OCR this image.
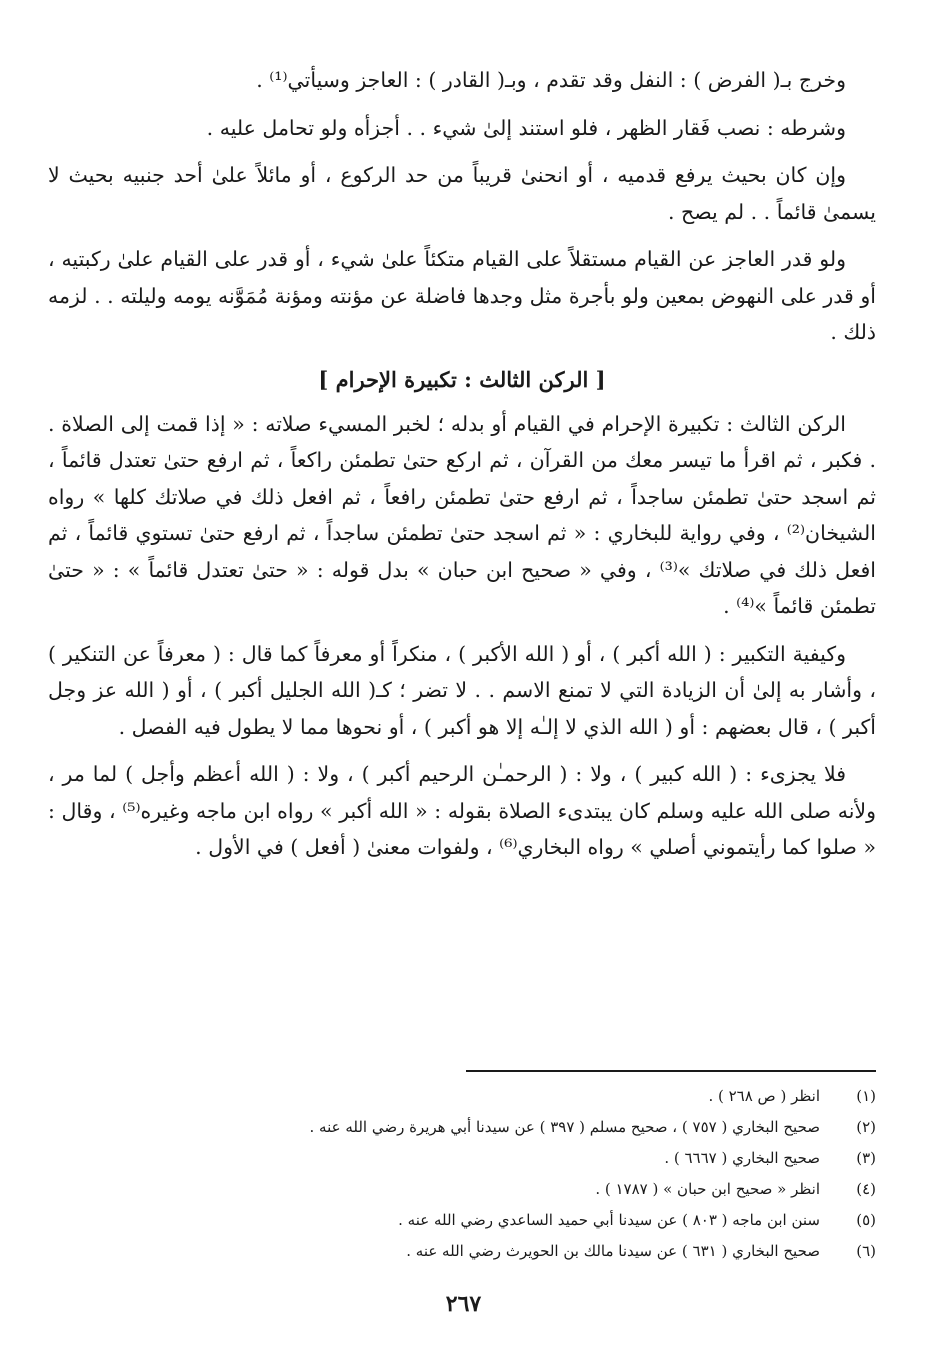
وخرج بـ( الفرض ) : النفل وقد تقدم ، وبـ( القادر ) : العاجز وسيأتي⁽¹⁾ .

وشرطه : نصب فَقار الظهر ، فلو استند إلىٰ شيء . . أجزأه ولو تحامل عليه .

وإن كان بحيث يرفع قدميه ، أو انحنىٰ قريباً من حد الركوع ، أو مائلاً علىٰ أحد جنبيه بحيث لا يسمىٰ قائماً . . لم يصح .

ولو قدر العاجز عن القيام مستقلاً على القيام متكئاً علىٰ شيء ، أو قدر على القيام علىٰ ركبتيه ، أو قدر على النهوض بمعين ولو بأجرة مثل وجدها فاضلة عن مؤنته ومؤنة مُمَوَّنه يومه وليلته . . لزمه ذلك .

[ الركن الثالث : تكبيرة الإحرام ]

الركن الثالث : تكبيرة الإحرام في القيام أو بدله ؛ لخبر المسيء صلاته : « إذا قمت إلى الصلاة . . فكبر ، ثم اقرأ ما تيسر معك من القرآن ، ثم اركع حتىٰ تطمئن راكعاً ، ثم ارفع حتىٰ تعتدل قائماً ، ثم اسجد حتىٰ تطمئن ساجداً ، ثم ارفع حتىٰ تطمئن رافعاً ، ثم افعل ذلك في صلاتك كلها » رواه الشيخان⁽²⁾ ، وفي رواية للبخاري : « ثم اسجد حتىٰ تطمئن ساجداً ، ثم ارفع حتىٰ تستوي قائماً ، ثم افعل ذلك في صلاتك »⁽³⁾ ، وفي « صحيح ابن حبان » بدل قوله : « حتىٰ تعتدل قائماً » : « حتىٰ تطمئن قائماً »⁽⁴⁾ .

وكيفية التكبير : ( الله أكبر ) ، أو ( الله الأكبر ) ، منكراً أو معرفاً كما قال : ( معرفاً عن التنكير ) ، وأشار به إلىٰ أن الزيادة التي لا تمنع الاسم . . لا تضر ؛ كـ( الله الجليل أكبر ) ، أو ( الله عز وجل أكبر ) ، قال بعضهم : أو ( الله الذي لا إلـٰه إلا هو أكبر ) ، أو نحوها مما لا يطول فيه الفصل .

فلا يجزىء : ( الله كبير ) ، ولا : ( الرحمـٰن الرحيم أكبر ) ، ولا : ( الله أعظم وأجل ) لما مر ، ولأنه صلى الله عليه وسلم كان يبتدىء الصلاة بقوله : « الله أكبر » رواه ابن ماجه وغيره⁽⁵⁾ ، وقال : « صلوا كما رأيتموني أصلي » رواه البخاري⁽⁶⁾ ، ولفوات معنىٰ ( أفعل ) في الأول .

(١)
انظر ( ص ٢٦٨ ) .
(٢)
صحيح البخاري ( ٧٥٧ ) ، صحيح مسلم ( ٣٩٧ ) عن سيدنا أبي هريرة رضي الله عنه .
(٣)
صحيح البخاري ( ٦٦٦٧ ) .
(٤)
انظر « صحيح ابن حبان » ( ١٧٨٧ ) .
(٥)
سنن ابن ماجه ( ٨٠٣ ) عن سيدنا أبي حميد الساعدي رضي الله عنه .
(٦)
صحيح البخاري ( ٦٣١ ) عن سيدنا مالك بن الحويرث رضي الله عنه .
٢٦٧
